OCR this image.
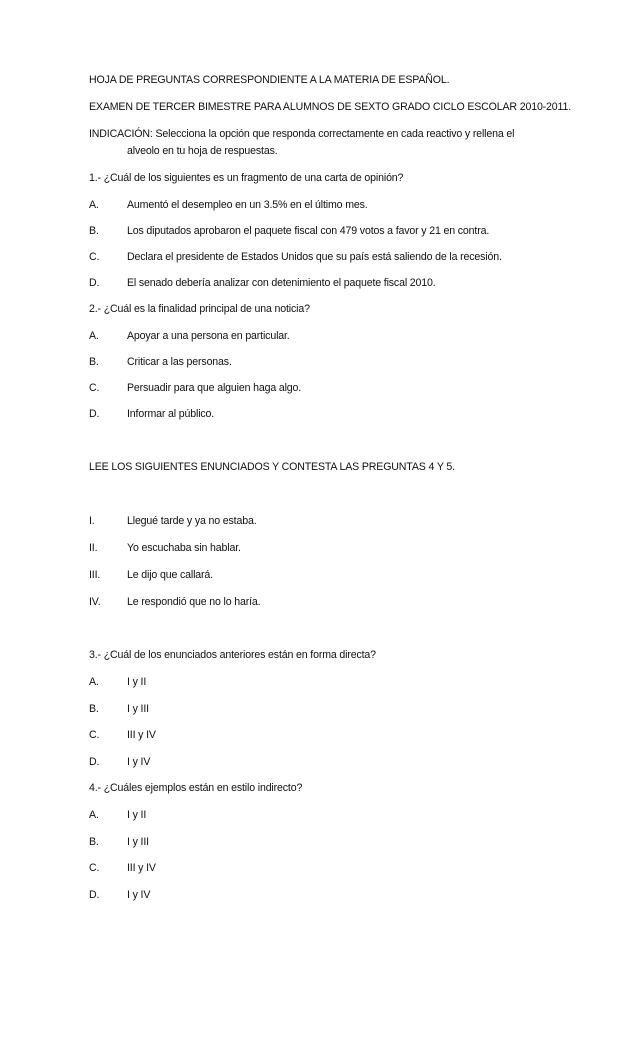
HOJA DE PREGUNTAS CORRESPONDIENTE A LA MATERIA DE ESPAÑOL.
EXAMEN DE TERCER BIMESTRE PARA ALUMNOS DE SEXTO GRADO CICLO ESCOLAR 2010-2011.
INDICACIÓN: Selecciona la opción que responda correctamente en cada reactivo y rellena el
alveolo en tu hoja de respuestas.
1.- ¿Cuál de los siguientes es un fragmento de una carta de opinión?
A.	Aumentó el desempleo en un 3.5% en el último mes.
B.	Los diputados aprobaron el paquete fiscal con 479 votos a favor y 21 en contra.
C.	Declara el presidente de Estados Unidos que su país está saliendo de la recesión.
D.	El senado debería analizar con detenimiento el paquete fiscal 2010.
2.- ¿Cuál es la finalidad principal de una noticia?
A.	Apoyar a una persona en particular.
B.	Criticar a las personas.
C.	Persuadir para que alguien haga algo.
D.	Informar al público.
LEE LOS SIGUIENTES ENUNCIADOS Y CONTESTA LAS PREGUNTAS 4 Y 5.
I.	Llegué tarde y ya no estaba.
II.	Yo escuchaba sin hablar.
III.	Le dijo que callará.
IV. Le respondió que no lo haría.
3.- ¿Cuál de los enunciados anteriores están en forma directa?
A.	I y II
B.	I y III
C.	III y IV
D.	I y IV
4.- ¿Cuáles ejemplos están en estilo indirecto?
A.	I y II
B.	I y III
C.	III y IV
D.	I y IV
